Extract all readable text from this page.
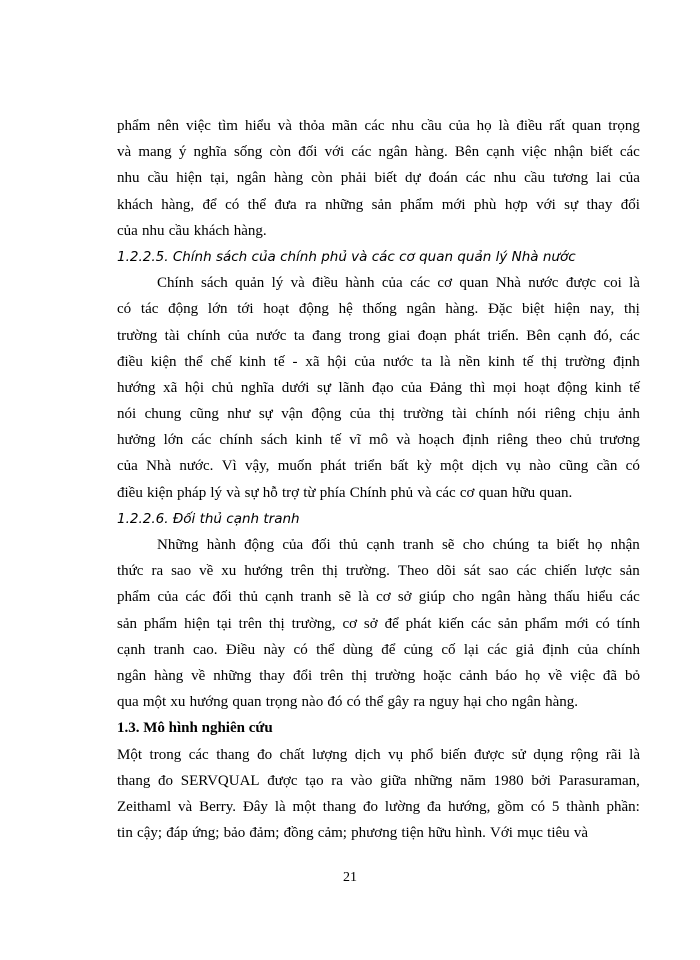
phẩm nên việc tìm hiểu và thỏa mãn các nhu cầu của họ là điều rất quan trọng
và mang ý nghĩa sống còn đối với các ngân hàng. Bên cạnh việc nhận biết các
nhu cầu hiện tại, ngân hàng còn phải biết dự đoán các nhu cầu tương lai của
khách hàng, để có thể đưa ra những sản phẩm mới phù hợp với sự thay đổi
của nhu cầu khách hàng.
1.2.2.5. Chính sách của chính phủ và các cơ quan quản lý Nhà nước
Chính sách quản lý và điều hành của các cơ quan Nhà nước được coi là
có tác động lớn tới hoạt động hệ thống ngân hàng. Đặc biệt hiện nay, thị
trường tài chính của nước ta đang trong giai đoạn phát triển. Bên cạnh đó, các
điều kiện thể chế kinh tế - xã hội của nước ta là nền kinh tế thị trường định
hướng xã hội chủ nghĩa dưới sự lãnh đạo của Đảng thì mọi hoạt động kinh tế
nói chung cũng như sự vận động của thị trường tài chính nói riêng chịu ảnh
hưởng lớn các chính sách kinh tế vĩ mô và hoạch định riêng theo chủ trương
của Nhà nước. Vì vậy, muốn phát triển bất kỳ một dịch vụ nào cũng cần có
điều kiện pháp lý và sự hỗ trợ từ phía Chính phủ và các cơ quan hữu quan.
1.2.2.6. Đối thủ cạnh tranh
Những hành động của đối thủ cạnh tranh sẽ cho chúng ta biết họ nhận
thức ra sao về xu hướng trên thị trường. Theo dõi sát sao các chiến lược sản
phẩm của các đối thủ cạnh tranh sẽ là cơ sở giúp cho ngân hàng thấu hiểu các
sản phẩm hiện tại trên thị trường, cơ sở để phát kiến các sản phẩm mới có tính
cạnh tranh cao. Điều này có thể dùng để củng cố lại các giả định của chính
ngân hàng về những thay đổi trên thị trường hoặc cảnh báo họ về việc đã bỏ
qua một xu hướng quan trọng nào đó có thể gây ra nguy hại cho ngân hàng.
1.3. Mô hình nghiên cứu
Một trong các thang đo chất lượng dịch vụ phổ biến được sử dụng rộng rãi là
thang đo SERVQUAL được tạo ra vào giữa những năm 1980 bởi Parasuraman,
Zeithaml và Berry. Đây là một thang đo lường đa hướng, gồm có 5 thành phần:
tin cậy; đáp ứng; bảo đảm; đồng cảm; phương tiện hữu hình. Với mục tiêu và
21
